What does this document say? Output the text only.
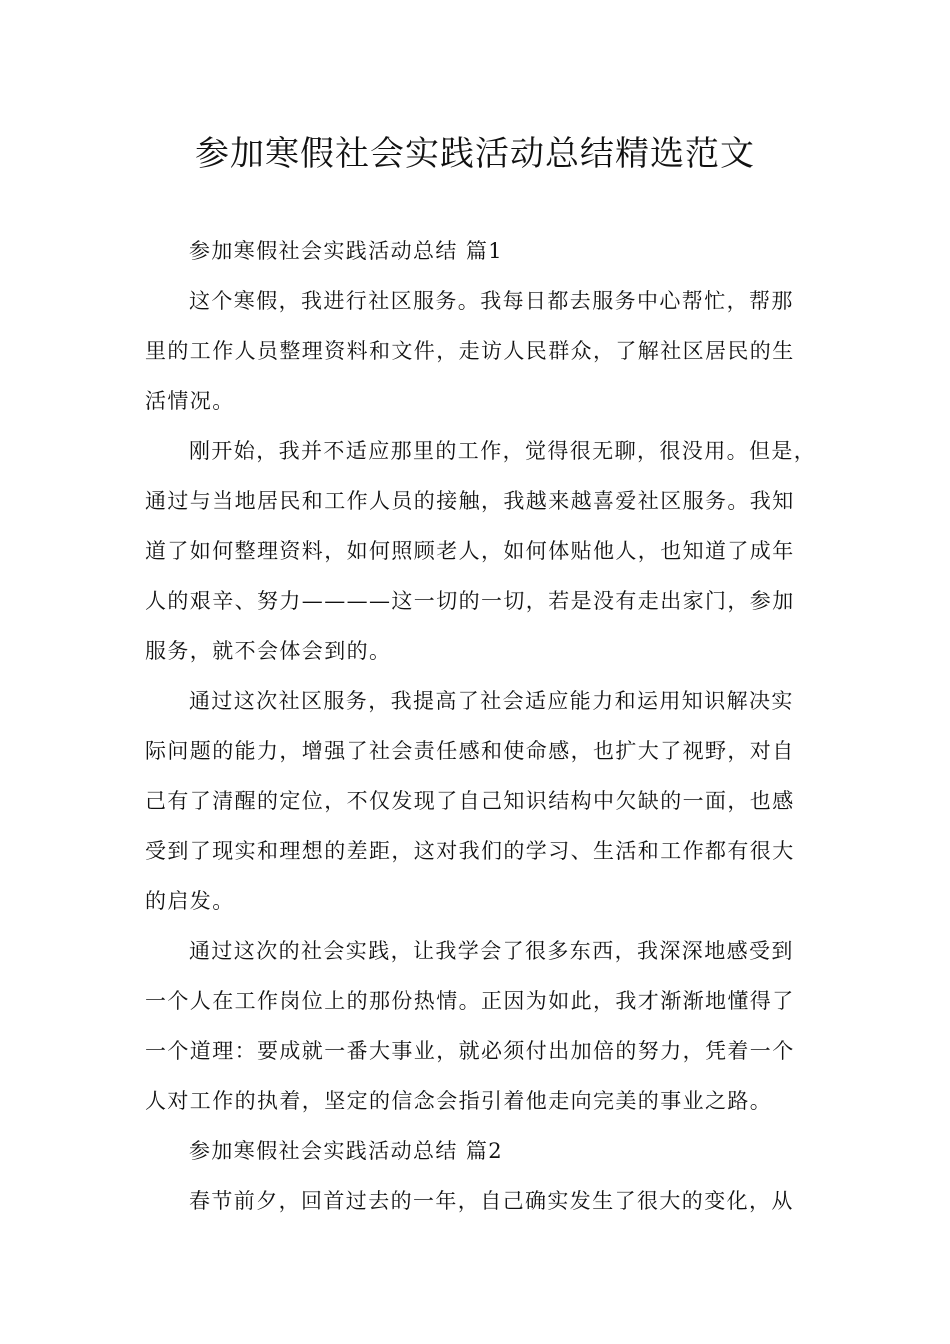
参加寒假社会实践活动总结精选范文
参加寒假社会实践活动总结 篇1
这个寒假，我进行社区服务。我每日都去服务中心帮忙，帮那
里的工作人员整理资料和文件，走访人民群众，了解社区居民的生
活情况。
刚开始，我并不适应那里的工作，觉得很无聊，很没用。但是，
通过与当地居民和工作人员的接触，我越来越喜爱社区服务。我知
道了如何整理资料，如何照顾老人，如何体贴他人，也知道了成年
人的艰辛、努力————这一切的一切，若是没有走出家门，参加
服务，就不会体会到的。
通过这次社区服务，我提高了社会适应能力和运用知识解决实
际问题的能力，增强了社会责任感和使命感，也扩大了视野，对自
己有了清醒的定位，不仅发现了自己知识结构中欠缺的一面，也感
受到了现实和理想的差距，这对我们的学习、生活和工作都有很大
的启发。
通过这次的社会实践，让我学会了很多东西，我深深地感受到
一个人在工作岗位上的那份热情。正因为如此，我才渐渐地懂得了
一个道理：要成就一番大事业，就必须付出加倍的努力，凭着一个
人对工作的执着，坚定的信念会指引着他走向完美的事业之路。
参加寒假社会实践活动总结 篇2
春节前夕，回首过去的一年，自己确实发生了很大的变化，从
